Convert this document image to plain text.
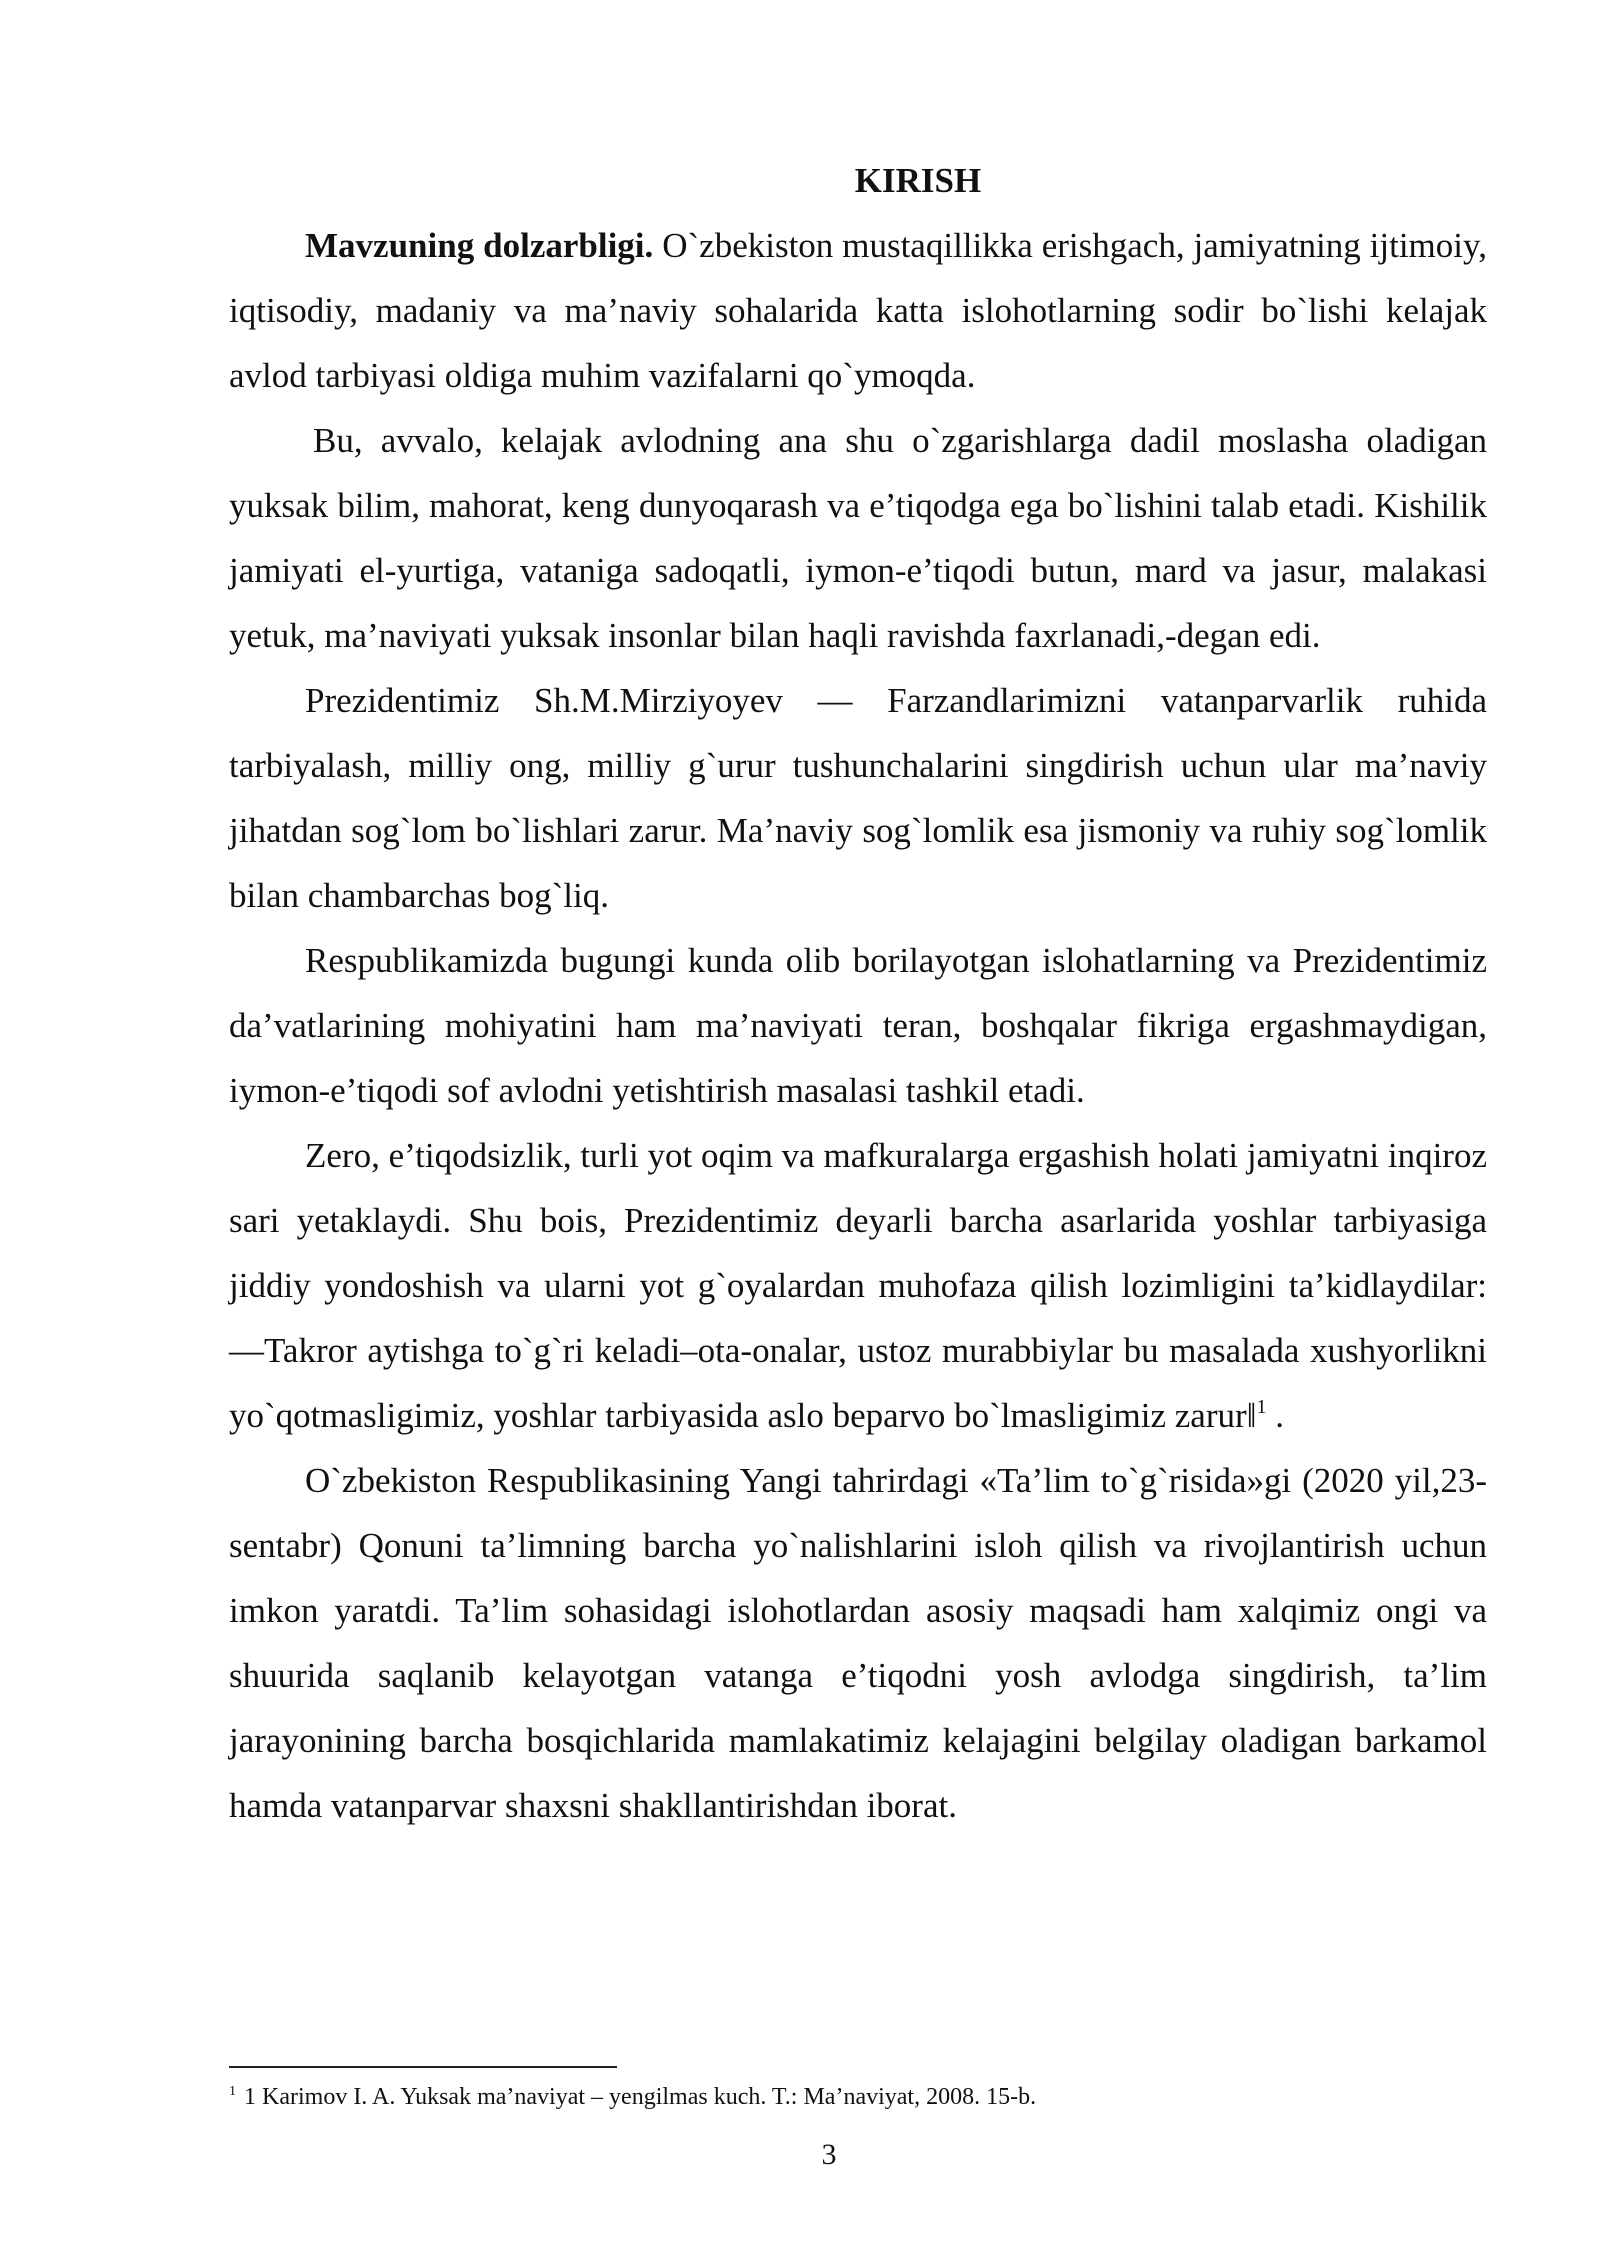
KIRISH

Mavzuning dolzarbligi. O`zbekiston mustaqillikka erishgach, jamiyatning ijtimoiy, iqtisodiy, madaniy va ma’naviy sohalarida katta islohotlarning sodir bo`lishi kelajak avlod tarbiyasi oldiga muhim vazifalarni qo`ymoqda.

Bu, avvalo, kelajak avlodning ana shu o`zgarishlarga dadil moslasha oladigan yuksak bilim, mahorat, keng dunyoqarash va e’tiqodga ega bo`lishini talab etadi. Kishilik jamiyati el-yurtiga, vataniga sadoqatli, iymon-e’tiqodi butun, mard va jasur, malakasi yetuk, ma’naviyati yuksak insonlar bilan haqli ravishda faxrlanadi,-degan edi.

Prezidentimiz Sh.M.Mirziyoyev — Farzandlarimizni vatanparvarlik ruhida tarbiyalash, milliy ong, milliy g`urur tushunchalarini singdirish uchun ular ma’naviy jihatdan sog`lom bo`lishlari zarur. Ma’naviy sog`lomlik esa jismoniy va ruhiy sog`lomlik bilan chambarchas bog`liq.

Respublikamizda bugungi kunda olib borilayotgan islohatlarning va Prezidentimiz da’vatlarining mohiyatini ham ma’naviyati teran, boshqalar fikriga ergashmaydigan, iymon-e’tiqodi sof avlodni yetishtirish masalasi tashkil etadi.

Zero, e’tiqodsizlik, turli yot oqim va mafkuralarga ergashish holati jamiyatni inqiroz sari yetaklaydi. Shu bois, Prezidentimiz deyarli barcha asarlarida yoshlar tarbiyasiga jiddiy yondoshish va ularni yot g`oyalardan muhofaza qilish lozimligini ta’kidlaydilar: ―Takror aytishga to`g`ri keladi–ota-onalar, ustoz murabbiylar bu masalada xushyorlikni yo`qotmasligimiz, yoshlar tarbiyasida aslo beparvo bo`lmasligimiz zarur‖$^1$ .

O`zbekiston Respublikasining Yangi tahrirdagi «Ta’lim to`g`risida»gi (2020 yil,23-sentabr) Qonuni ta’limning barcha yo`nalishlarini isloh qilish va rivojlantirish uchun imkon yaratdi. Ta’lim sohasidagi islohotlardan asosiy maqsadi ham xalqimiz ongi va shuurida saqlanib kelayotgan vatanga e’tiqodni yosh avlodga singdirish, ta’lim jarayonining barcha bosqichlarida mamlakatimiz kelajagini belgilay oladigan barkamol hamda vatanparvar shaxsni shakllantirishdan iborat.

$^1$ 1 Karimov I. A. Yuksak ma’naviyat – yengilmas kuch. T.: Ma’naviyat, 2008. 15-b.
3
